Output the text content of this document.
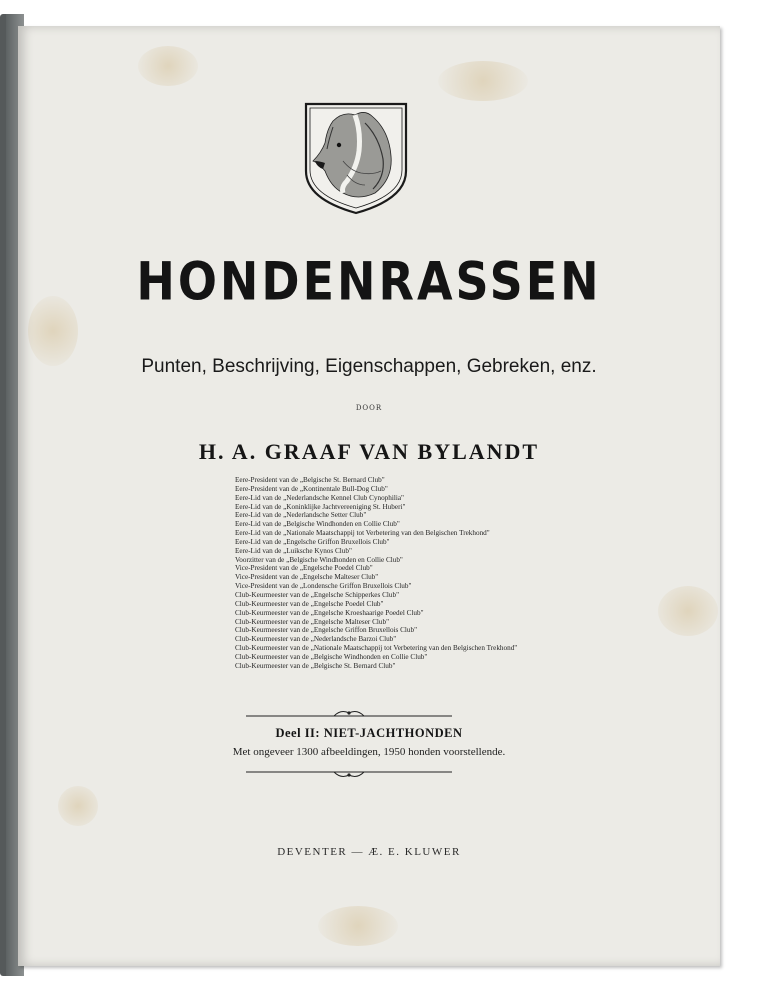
HONDENRASSEN
Punten, Beschrijving, Eigenschappen, Gebreken, enz.
DOOR
H. A. GRAAF VAN BYLANDT
Eere-President van de „Belgische St. Bernard Club"
Eere-President van de „Kontinentale Bull-Dog Club"
Eere-Lid van de „Nederlandsche Kennel Club Cynophilia"
Eere-Lid van de „Koninklijke Jachtvereeniging St. Huberi"
Eere-Lid van de „Nederlandsche Setter Club"
Eere-Lid van de „Belgische Windhonden en Collie Club"
Eere-Lid van de „Nationale Maatschappij tot Verbetering van den Belgischen Trekhond"
Eere-Lid van de „Engelsche Griffon Bruxellois Club"
Eere-Lid van de „Luiksche Kynos Club"
Voorzitter van de „Belgische Windhonden en Collie Club"
Vice-President van de „Engelsche Poedel Club"
Vice-President van de „Engelsche Malteser Club"
Vice-President van de „Londensche Griffon Bruxellois Club"
Club-Keurmeester van de „Engelsche Schipperkes Club"
Club-Keurmeester van de „Engelsche Poedel Club"
Club-Keurmeester van de „Engelsche Kroeshaarige Poedel Club"
Club-Keurmeester van de „Engelsche Malteser Club"
Club-Keurmeester van de „Engelsche Griffon Bruxellois Club"
Club-Keurmeester van de „Nederlandsche Barzoi Club"
Club-Keurmeester van de „Nationale Maatschappij tot Verbetering van den Belgischen Trekhond"
Club-Keurmeester van de „Belgische Windhonden en Collie Club"
Club-Keurmeester van de „Belgische St. Bernard Club"
Deel II: NIET-JACHTHONDEN
Met ongeveer 1300 afbeeldingen, 1950 honden voorstellende.
DEVENTER — Æ. E. KLUWER
